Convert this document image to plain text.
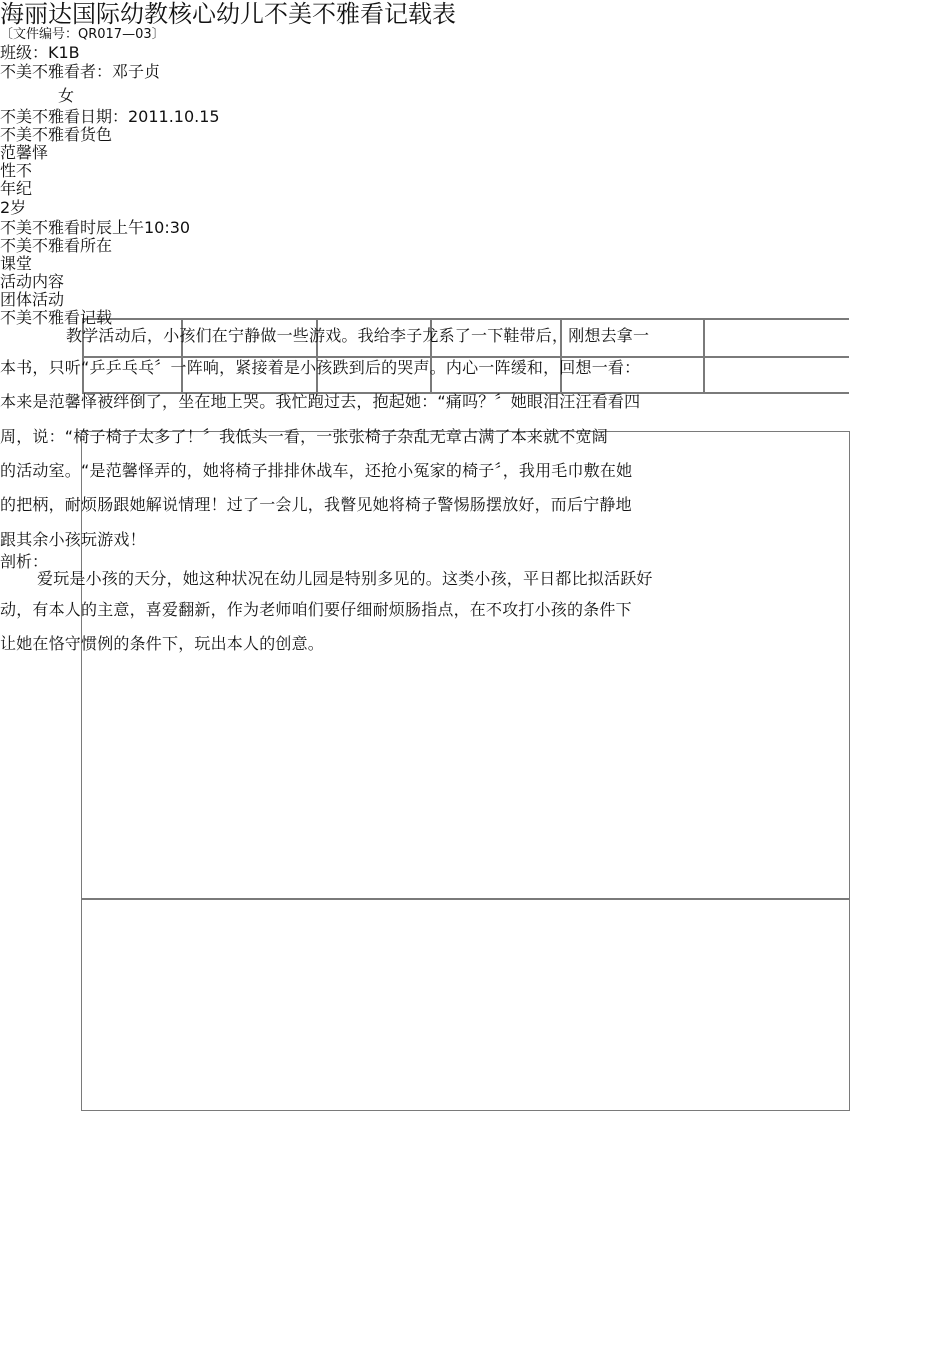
海丽达国际幼教核心幼儿不美不雅看记载表
〔文件编号：QR017—03〕
班级：K1B
不美不雅看者：邓子贞
女
不美不雅看日期：2011.10.15
不美不雅看货色
范馨怿
性不
年纪
2岁
不美不雅看时辰上午10:30
不美不雅看所在
课堂
活动内容
团体活动
不美不雅看记载
教学活动后，小孩们在宁静做一些游戏。我给李子龙系了一下鞋带后，刚想去拿一
本书，只听“乒乒乓乓〞一阵响，紧接着是小孩跌到后的哭声。内心一阵缓和，回想一看：
本来是范馨怿被绊倒了，坐在地上哭。我忙跑过去，抱起她：“痛吗？〞她眼泪汪汪看看四
周，说：“椅子椅子太多了！〞我低头一看，一张张椅子杂乱无章占满了本来就不宽阔
的活动室。“是范馨怿弄的，她将椅子排排休战车，还抢小冤家的椅子〞，我用毛巾敷在她
的把柄，耐烦肠跟她解说情理！过了一会儿，我瞥见她将椅子警惕肠摆放好，而后宁静地
跟其余小孩玩游戏！
剖析：
爱玩是小孩的天分，她这种状况在幼儿园是特别多见的。这类小孩，平日都比拟活跃好
动，有本人的主意，喜爱翻新，作为老师咱们要仔细耐烦肠指点，在不攻打小孩的条件下
让她在恪守惯例的条件下，玩出本人的创意。
